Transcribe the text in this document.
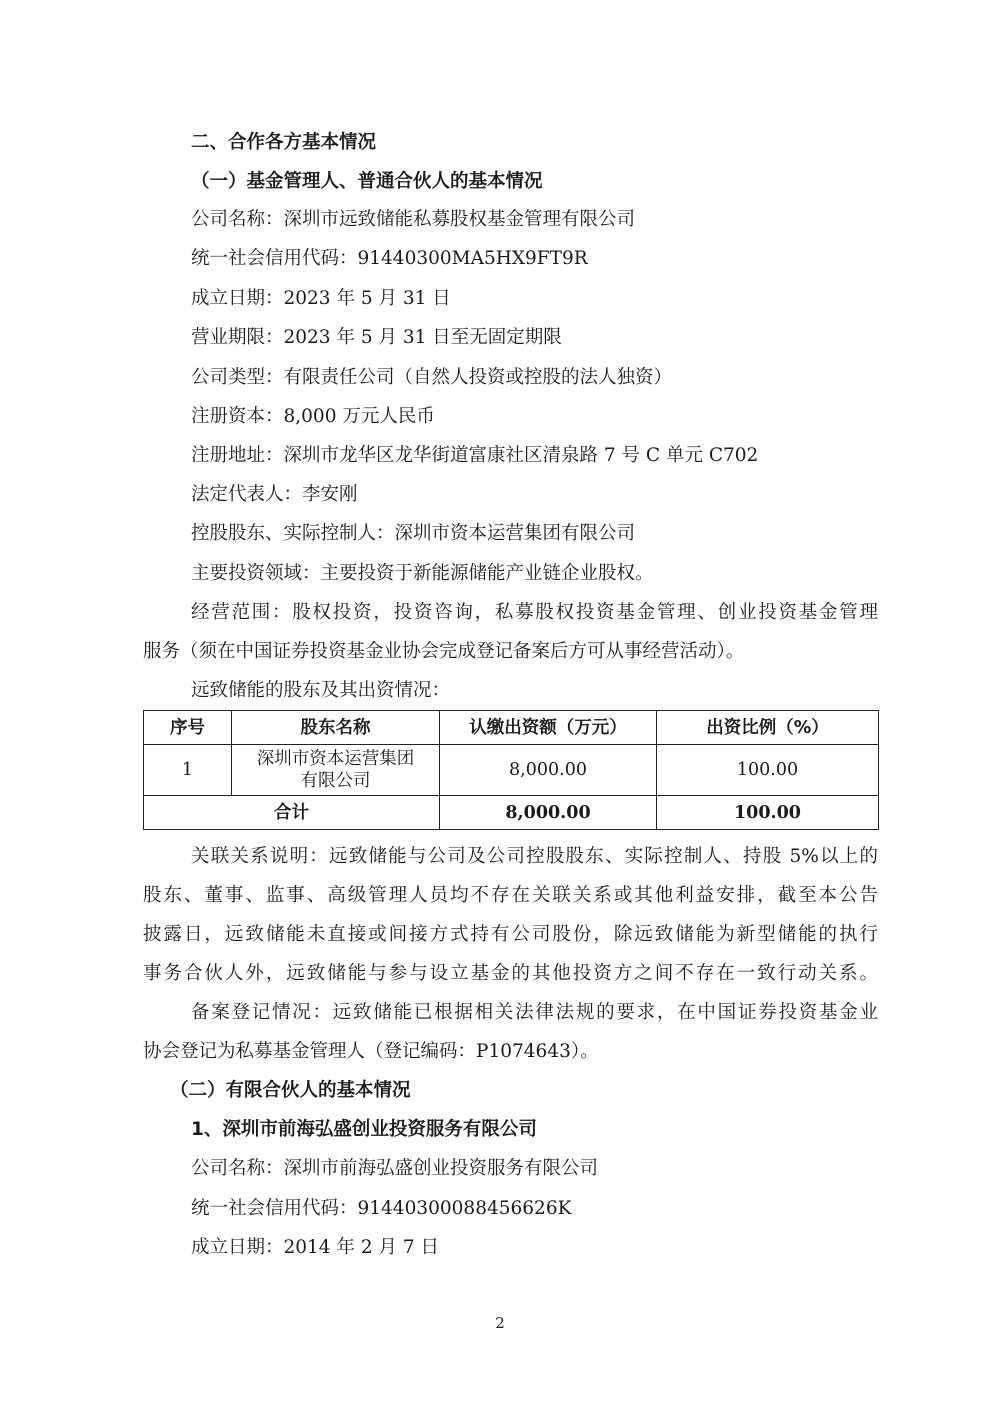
二、合作各方基本情况
（一）基金管理人、普通合伙人的基本情况
公司名称：深圳市远致储能私募股权基金管理有限公司
统一社会信用代码：91440300MA5HX9FT9R
成立日期：2023 年 5 月 31 日
营业期限：2023 年 5 月 31 日至无固定期限
公司类型：有限责任公司（自然人投资或控股的法人独资）
注册资本：8,000 万元人民币
注册地址：深圳市龙华区龙华街道富康社区清泉路 7 号 C 单元 C702
法定代表人：李安刚
控股股东、实际控制人：深圳市资本运营集团有限公司
主要投资领域：主要投资于新能源储能产业链企业股权。
经营范围：股权投资，投资咨询，私募股权投资基金管理、创业投资基金管理
服务（须在中国证券投资基金业协会完成登记备案后方可从事经营活动）。
远致储能的股东及其出资情况：
序号	股东名称	认缴出资额（万元）	出资比例（%）
1	深圳市资本运营集团
有限公司	8,000.00	100.00
合计		8,000.00	100.00
关联关系说明：远致储能与公司及公司控股股东、实际控制人、持股 5%以上的
股东、董事、监事、高级管理人员均不存在关联关系或其他利益安排，截至本公告
披露日，远致储能未直接或间接方式持有公司股份，除远致储能为新型储能的执行
事务合伙人外，远致储能与参与设立基金的其他投资方之间不存在一致行动关系。
备案登记情况：远致储能已根据相关法律法规的要求，在中国证券投资基金业
协会登记为私募基金管理人（登记编码：P1074643）。
（二）有限合伙人的基本情况
1、深圳市前海弘盛创业投资服务有限公司
公司名称：深圳市前海弘盛创业投资服务有限公司
统一社会信用代码：91440300088456626K
成立日期：2014 年 2 月 7 日
2
